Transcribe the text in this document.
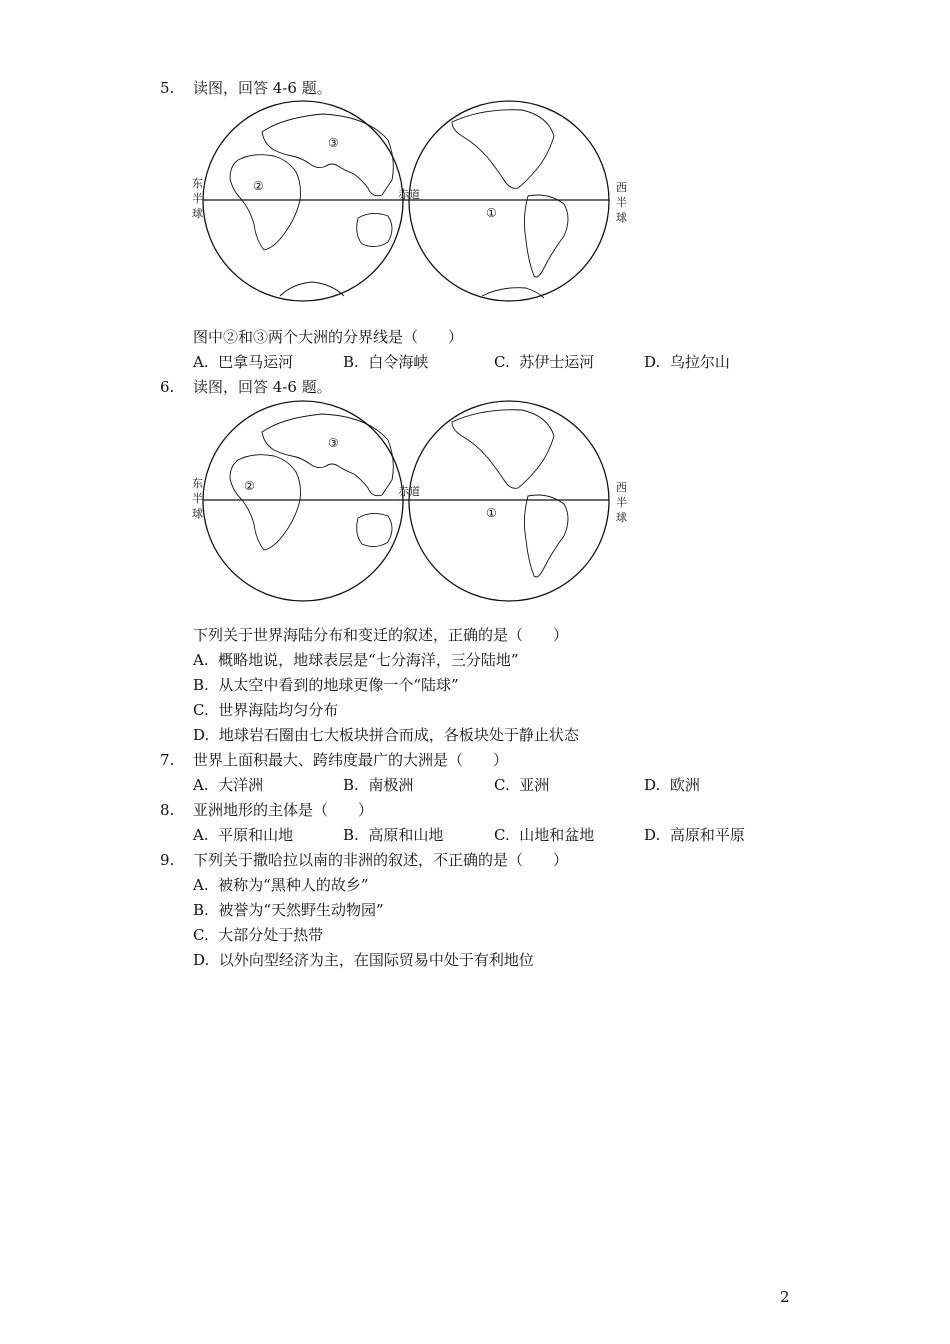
5.	读图，回答 4-6 题。
②
③
①
赤道
东半球
西半球
图中②和③两个大洲的分界线是（　　）
A. 巴拿马运河	B. 白令海峡	C. 苏伊士运河	D. 乌拉尔山
6.	读图，回答 4-6 题。
②
③
①
赤道
东半球
西半球
下列关于世界海陆分布和变迁的叙述，正确的是（　　）
A. 概略地说，地球表层是“七分海洋，三分陆地”
B. 从太空中看到的地球更像一个“陆球”
C. 世界海陆均匀分布
D. 地球岩石圈由七大板块拼合而成，各板块处于静止状态
7.	世界上面积最大、跨纬度最广的大洲是（　　）
A. 大洋洲	B. 南极洲	C. 亚洲	D. 欧洲
8.	亚洲地形的主体是（　　）
A. 平原和山地	B. 高原和山地	C. 山地和盆地	D. 高原和平原
9.	下列关于撒哈拉以南的非洲的叙述，不正确的是（　　）
A. 被称为“黑种人的故乡”
B. 被誉为“天然野生动物园”
C. 大部分处于热带
D. 以外向型经济为主，在国际贸易中处于有利地位
2
